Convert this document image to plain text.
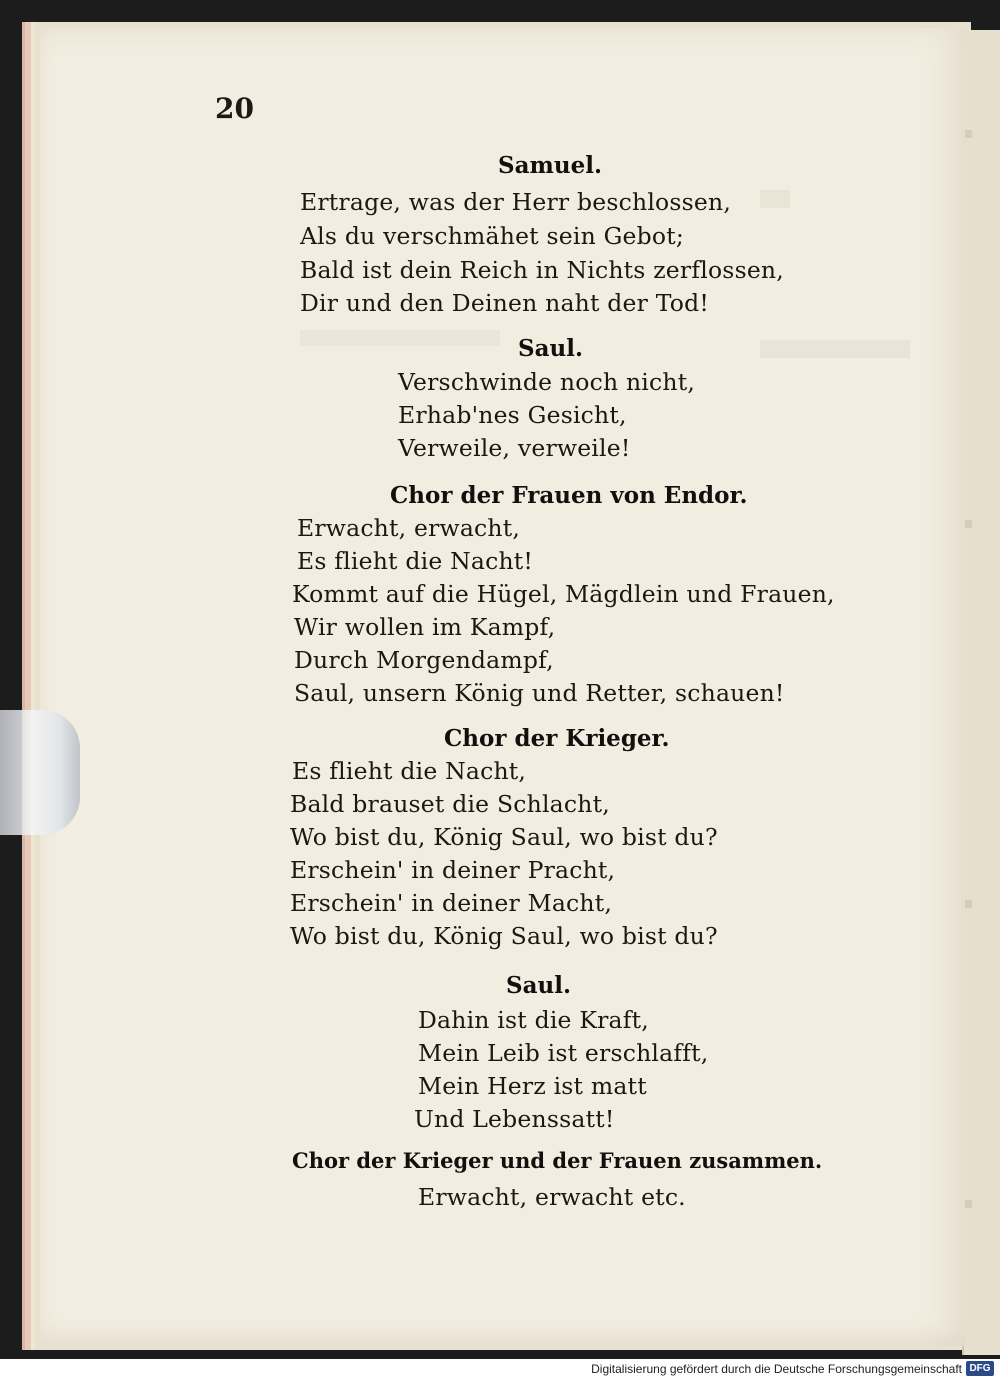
20
Samuel.
Ertrage, was der Herr beschlossen,
Als du verschmähet sein Gebot;
Bald ist dein Reich in Nichts zerflossen,
Dir und den Deinen naht der Tod!
Saul.
Verschwinde noch nicht,
Erhab'nes Gesicht,
Verweile, verweile!
Chor der Frauen von Endor.
Erwacht, erwacht,
Es flieht die Nacht!
Kommt auf die Hügel, Mägdlein und Frauen,
Wir wollen im Kampf,
Durch Morgendampf,
Saul, unsern König und Retter, schauen!
Chor der Krieger.
Es flieht die Nacht,
Bald brauset die Schlacht,
Wo bist du, König Saul, wo bist du?
Erschein' in deiner Pracht,
Erschein' in deiner Macht,
Wo bist du, König Saul, wo bist du?
Saul.
Dahin ist die Kraft,
Mein Leib ist erschlafft,
Mein Herz ist matt
Und Lebenssatt!
Chor der Krieger und der Frauen zusammen.
Erwacht, erwacht etc.
Digitalisierung gefördert durch die Deutsche Forschungsgemeinschaft DFG
